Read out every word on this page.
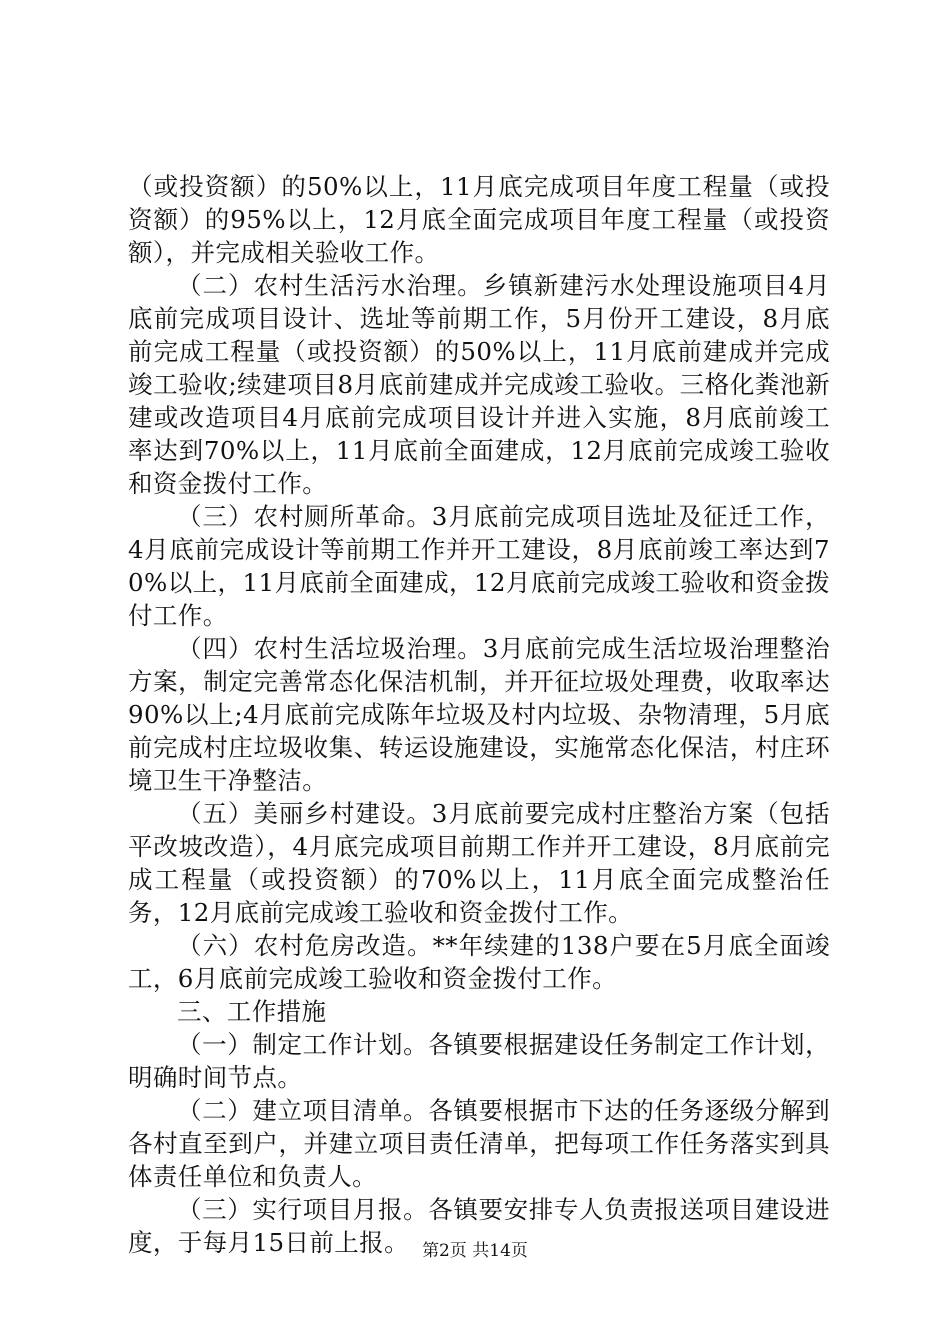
（或投资额）的50%以上，11月底完成项目年度工程量（或投资额）的95%以上，12月底全面完成项目年度工程量（或投资额），并完成相关验收工作。

（二）农村生活污水治理。乡镇新建污水处理设施项目4月底前完成项目设计、选址等前期工作，5月份开工建设，8月底前完成工程量（或投资额）的50%以上，11月底前建成并完成竣工验收;续建项目8月底前建成并完成竣工验收。三格化粪池新建或改造项目4月底前完成项目设计并进入实施，8月底前竣工率达到70%以上，11月底前全面建成，12月底前完成竣工验收和资金拨付工作。

（三）农村厕所革命。3月底前完成项目选址及征迁工作，4月底前完成设计等前期工作并开工建设，8月底前竣工率达到70%以上，11月底前全面建成，12月底前完成竣工验收和资金拨付工作。

（四）农村生活垃圾治理。3月底前完成生活垃圾治理整治方案，制定完善常态化保洁机制，并开征垃圾处理费，收取率达90%以上;4月底前完成陈年垃圾及村内垃圾、杂物清理，5月底前完成村庄垃圾收集、转运设施建设，实施常态化保洁，村庄环境卫生干净整洁。

（五）美丽乡村建设。3月底前要完成村庄整治方案（包括平改坡改造），4月底完成项目前期工作并开工建设，8月底前完成工程量（或投资额）的70%以上，11月底全面完成整治任务，12月底前完成竣工验收和资金拨付工作。

（六）农村危房改造。**年续建的138户要在5月底全面竣工，6月底前完成竣工验收和资金拨付工作。

三、工作措施

（一）制定工作计划。各镇要根据建设任务制定工作计划，明确时间节点。

（二）建立项目清单。各镇要根据市下达的任务逐级分解到各村直至到户，并建立项目责任清单，把每项工作任务落实到具体责任单位和负责人。

（三）实行项目月报。各镇要安排专人负责报送项目建设进度，于每月15日前上报。 第2页 共14页
